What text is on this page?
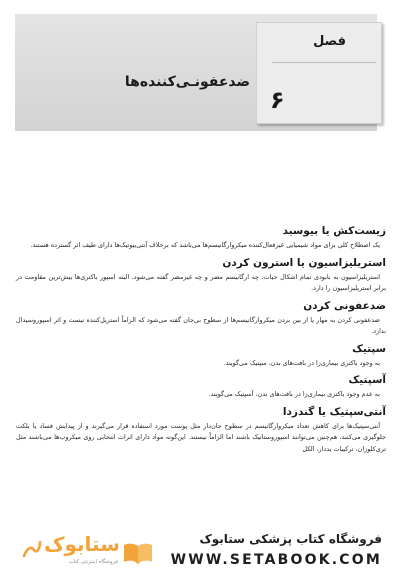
فصل
۶
ضدعفونـی‌کننده‌ها
زیست‌کش یا بیوسید
یک اصطلاح کلی برای مواد شیمیایی غیرفعال‌کننده میکروارگانیسم‌ها می‌باشد که برخلاف آنتی‌بیوتیک‌ها دارای طیف اثر گسترده هستند.
استریلیزاسیون یا استرون کردن
استریلیزاسیون به نابودی تمام اشکال حیات، چه ارگانیسم مضر و چه غیرمضر گفته می‌شود، البته اسپور باکتری‌ها بیش‌ترین مقاومت در برابر استریلیزاسیون را دارد.
ضدعفونی کردن
ضدعفونی کردن به مهار یا از بین بردن میکروارگانیسم‌ها از سطوح بی‌جان گفته می‌شود که الزاماً استریل‌کننده نیست و اثر اسپوروسیدال ندارد.
سپتیک
به وجود باکتری بیماری‌زا در بافت‌های بدن، سپتیک می‌گویند.
آسپتیک
به عدم وجود باکتری بیماری‌زا در بافت‌های بدن، آسپتیک می‌گویند.
آنتی‌سپتیک یا گندزدا
آنتی‌سپتیک‌ها برای کاهش تعداد میکروارگانیسم در سطوح جان‌دار مثل پوست مورد استفاده قرار می‌گیرند و از پیدایش فساد یا بلکت جلوگیری می‌کنند، هم‌چنین می‌توانند اسپوروستاتیک باشند اما الزاماً نیستند. این‌گونه مواد دارای اثرات انتخابی روی میکروب‌ها می‌باشند مثل تری‌کلوزان، ترکیبات یددار، الکل
ستابوک
فروشگاه اینترنتی کتاب
فروشگاه کتاب پزشکی ستابوک
WWW.SETABOOK.COM
